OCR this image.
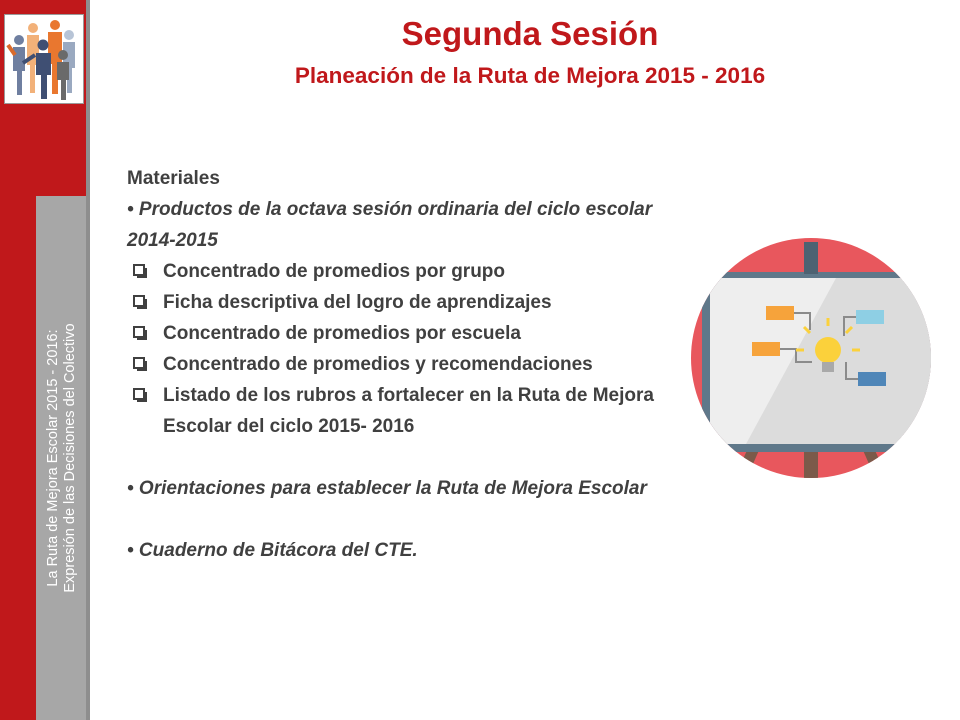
La Ruta de Mejora Escolar 2015 - 2016: Expresión de las Decisiones del Colectivo
Segunda Sesión
Planeación de la Ruta de Mejora 2015 - 2016

Materiales

• Productos de la octava sesión ordinaria del ciclo escolar 2014-2015

Concentrado de promedios por grupo
Ficha descriptiva del logro de aprendizajes
Concentrado de promedios por escuela
Concentrado de promedios y recomendaciones
Listado de los rubros a fortalecer en la Ruta de Mejora Escolar del ciclo 2015- 2016

• Orientaciones para establecer la Ruta de Mejora Escolar

• Cuaderno de Bitácora del CTE.
